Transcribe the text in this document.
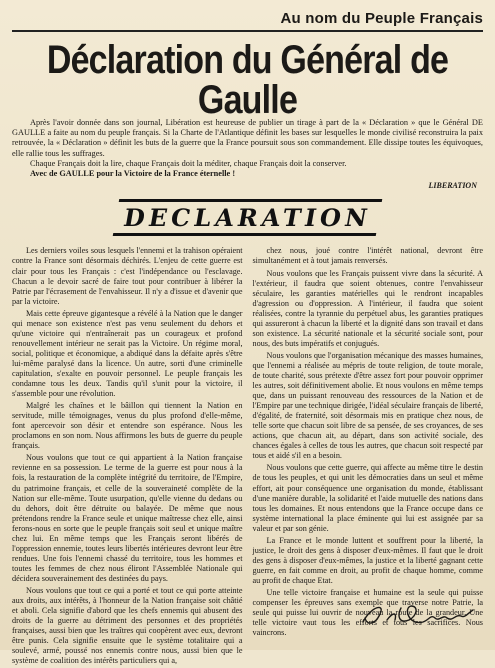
Au nom du Peuple Français
Déclaration du Général de Gaulle

Après l'avoir donnée dans son journal, Libération est heureuse de publier un tirage à part de la « Déclaration » que le Général DE GAULLE a faite au nom du peuple français. Si la Charte de l'Atlantique définit les bases sur lesquelles le monde civilisé reconstruira la paix retrouvée, la « Déclaration » définit les buts de la guerre que la France poursuit sous son commandement. Elle dissipe toutes les équivoques, elle rallie tous les suffrages.

Chaque Français doit la lire, chaque Français doit la méditer, chaque Français doit la conserver.

Avec de GAULLE pour la Victoire de la France éternelle !

LIBERATION
DECLARATION

Les derniers voiles sous lesquels l'ennemi et la trahison opéraient contre la France sont désormais déchirés. L'enjeu de cette guerre est clair pour tous les Français : c'est l'indépendance ou l'esclavage. Chacun a le devoir sacré de faire tout pour contribuer à libérer la Patrie par l'écrasement de l'envahisseur. Il n'y a d'issue et d'avenir que par la victoire.

Mais cette épreuve gigantesque a révélé à la Nation que le danger qui menace son existence n'est pas venu seulement du dehors et qu'une victoire qui n'entraînerait pas un courageux et profond renouvellement intérieur ne serait pas la Victoire. Un régime moral, social, politique et économique, a abdiqué dans la défaite après s'être lui-même paralysé dans la licence. Un autre, sorti d'une criminelle capitulation, s'exalte en pouvoir personnel. Le peuple français les condamne tous les deux. Tandis qu'il s'unit pour la victoire, il s'assemble pour une révolution.

Malgré les chaînes et le bâillon qui tiennent la Nation en servitude, mille témoignages, venus du plus profond d'elle-même, font apercevoir son désir et entendre son espérance. Nous les proclamons en son nom. Nous affirmons les buts de guerre du peuple français.

Nous voulons que tout ce qui appartient à la Nation française revienne en sa possession. Le terme de la guerre est pour nous à la fois, la restauration de la complète intégrité du territoire, de l'Empire, du patrimoine français, et celle de la souveraineté complète de la Nation sur elle-même. Toute usurpation, qu'elle vienne du dedans ou du dehors, doit être détruite ou balayée. De même que nous prétendons rendre la France seule et unique maîtresse chez elle, ainsi ferons-nous en sorte que le peuple français soit seul et unique maître chez lui. En même temps que les Français seront libérés de l'oppression ennemie, toutes leurs libertés intérieures devront leur être rendues. Une fois l'ennemi chassé du territoire, tous les hommes et toutes les femmes de chez nous éliront l'Assemblée Nationale qui décidera souverainement des destinées du pays.

Nous voulons que tout ce qui a porté et tout ce qui porte atteinte aux droits, aux intérêts, à l'honneur de la Nation française soit châtié et aboli. Cela signifie d'abord que les chefs ennemis qui abusent des droits de la guerre au détriment des personnes et des propriétés françaises, aussi bien que les traîtres qui coopèrent avec eux, devront être punis. Cela signifie ensuite que le système totalitaire qui a soulevé, armé, poussé nos ennemis contre nous, aussi bien que le système de coalition des intérêts particuliers qui a,

chez nous, joué contre l'intérêt national, devront être simultanément et à tout jamais renversés.

Nous voulons que les Français puissent vivre dans la sécurité. A l'extérieur, il faudra que soient obtenues, contre l'envahisseur séculaire, les garanties matérielles qui le rendront incapables d'agression ou d'oppression. A l'intérieur, il faudra que soient réalisées, contre la tyrannie du perpétuel abus, les garanties pratiques qui assureront à chacun la liberté et la dignité dans son travail et dans son existence. La sécurité nationale et la sécurité sociale sont, pour nous, des buts impératifs et conjugués.

Nous voulons que l'organisation mécanique des masses humaines, que l'ennemi a réalisée au mépris de toute religion, de toute morale, de toute charité, sous prétexte d'être assez fort pour pouvoir opprimer les autres, soit définitivement abolie. Et nous voulons en même temps que, dans un puissant renouveau des ressources de la Nation et de l'Empire par une technique dirigée, l'idéal séculaire français de liberté, d'égalité, de fraternité, soit désormais mis en pratique chez nous, de telle sorte que chacun soit libre de sa pensée, de ses croyances, de ses actions, que chacun ait, au départ, dans son activité sociale, des chances égales à celles de tous les autres, que chacun soit respecté par tous et aidé s'il en a besoin.

Nous voulons que cette guerre, qui affecte au même titre le destin de tous les peuples, et qui unit les démocraties dans un seul et même effort, ait pour conséquence une organisation du monde, établissant d'une manière durable, la solidarité et l'aide mutuelle des nations dans tous les domaines. Et nous entendons que la France occupe dans ce système international la place éminente qui lui est assignée par sa valeur et par son génie.

La France et le monde luttent et souffrent pour la liberté, la justice, le droit des gens à disposer d'eux-mêmes. Il faut que le droit des gens à disposer d'eux-mêmes, la justice et la liberté gagnant cette guerre, en fait comme en droit, au profit de chaque homme, comme au profit de chaque Etat.

Une telle victoire française et humaine est la seule qui puisse compenser les épreuves sans exemple que traverse notre Patrie, la seule qui puisse lui ouvrir de nouveau la route de la grandeur. Une telle victoire vaut tous les efforts et tous les sacrifices. Nous vaincrons.
